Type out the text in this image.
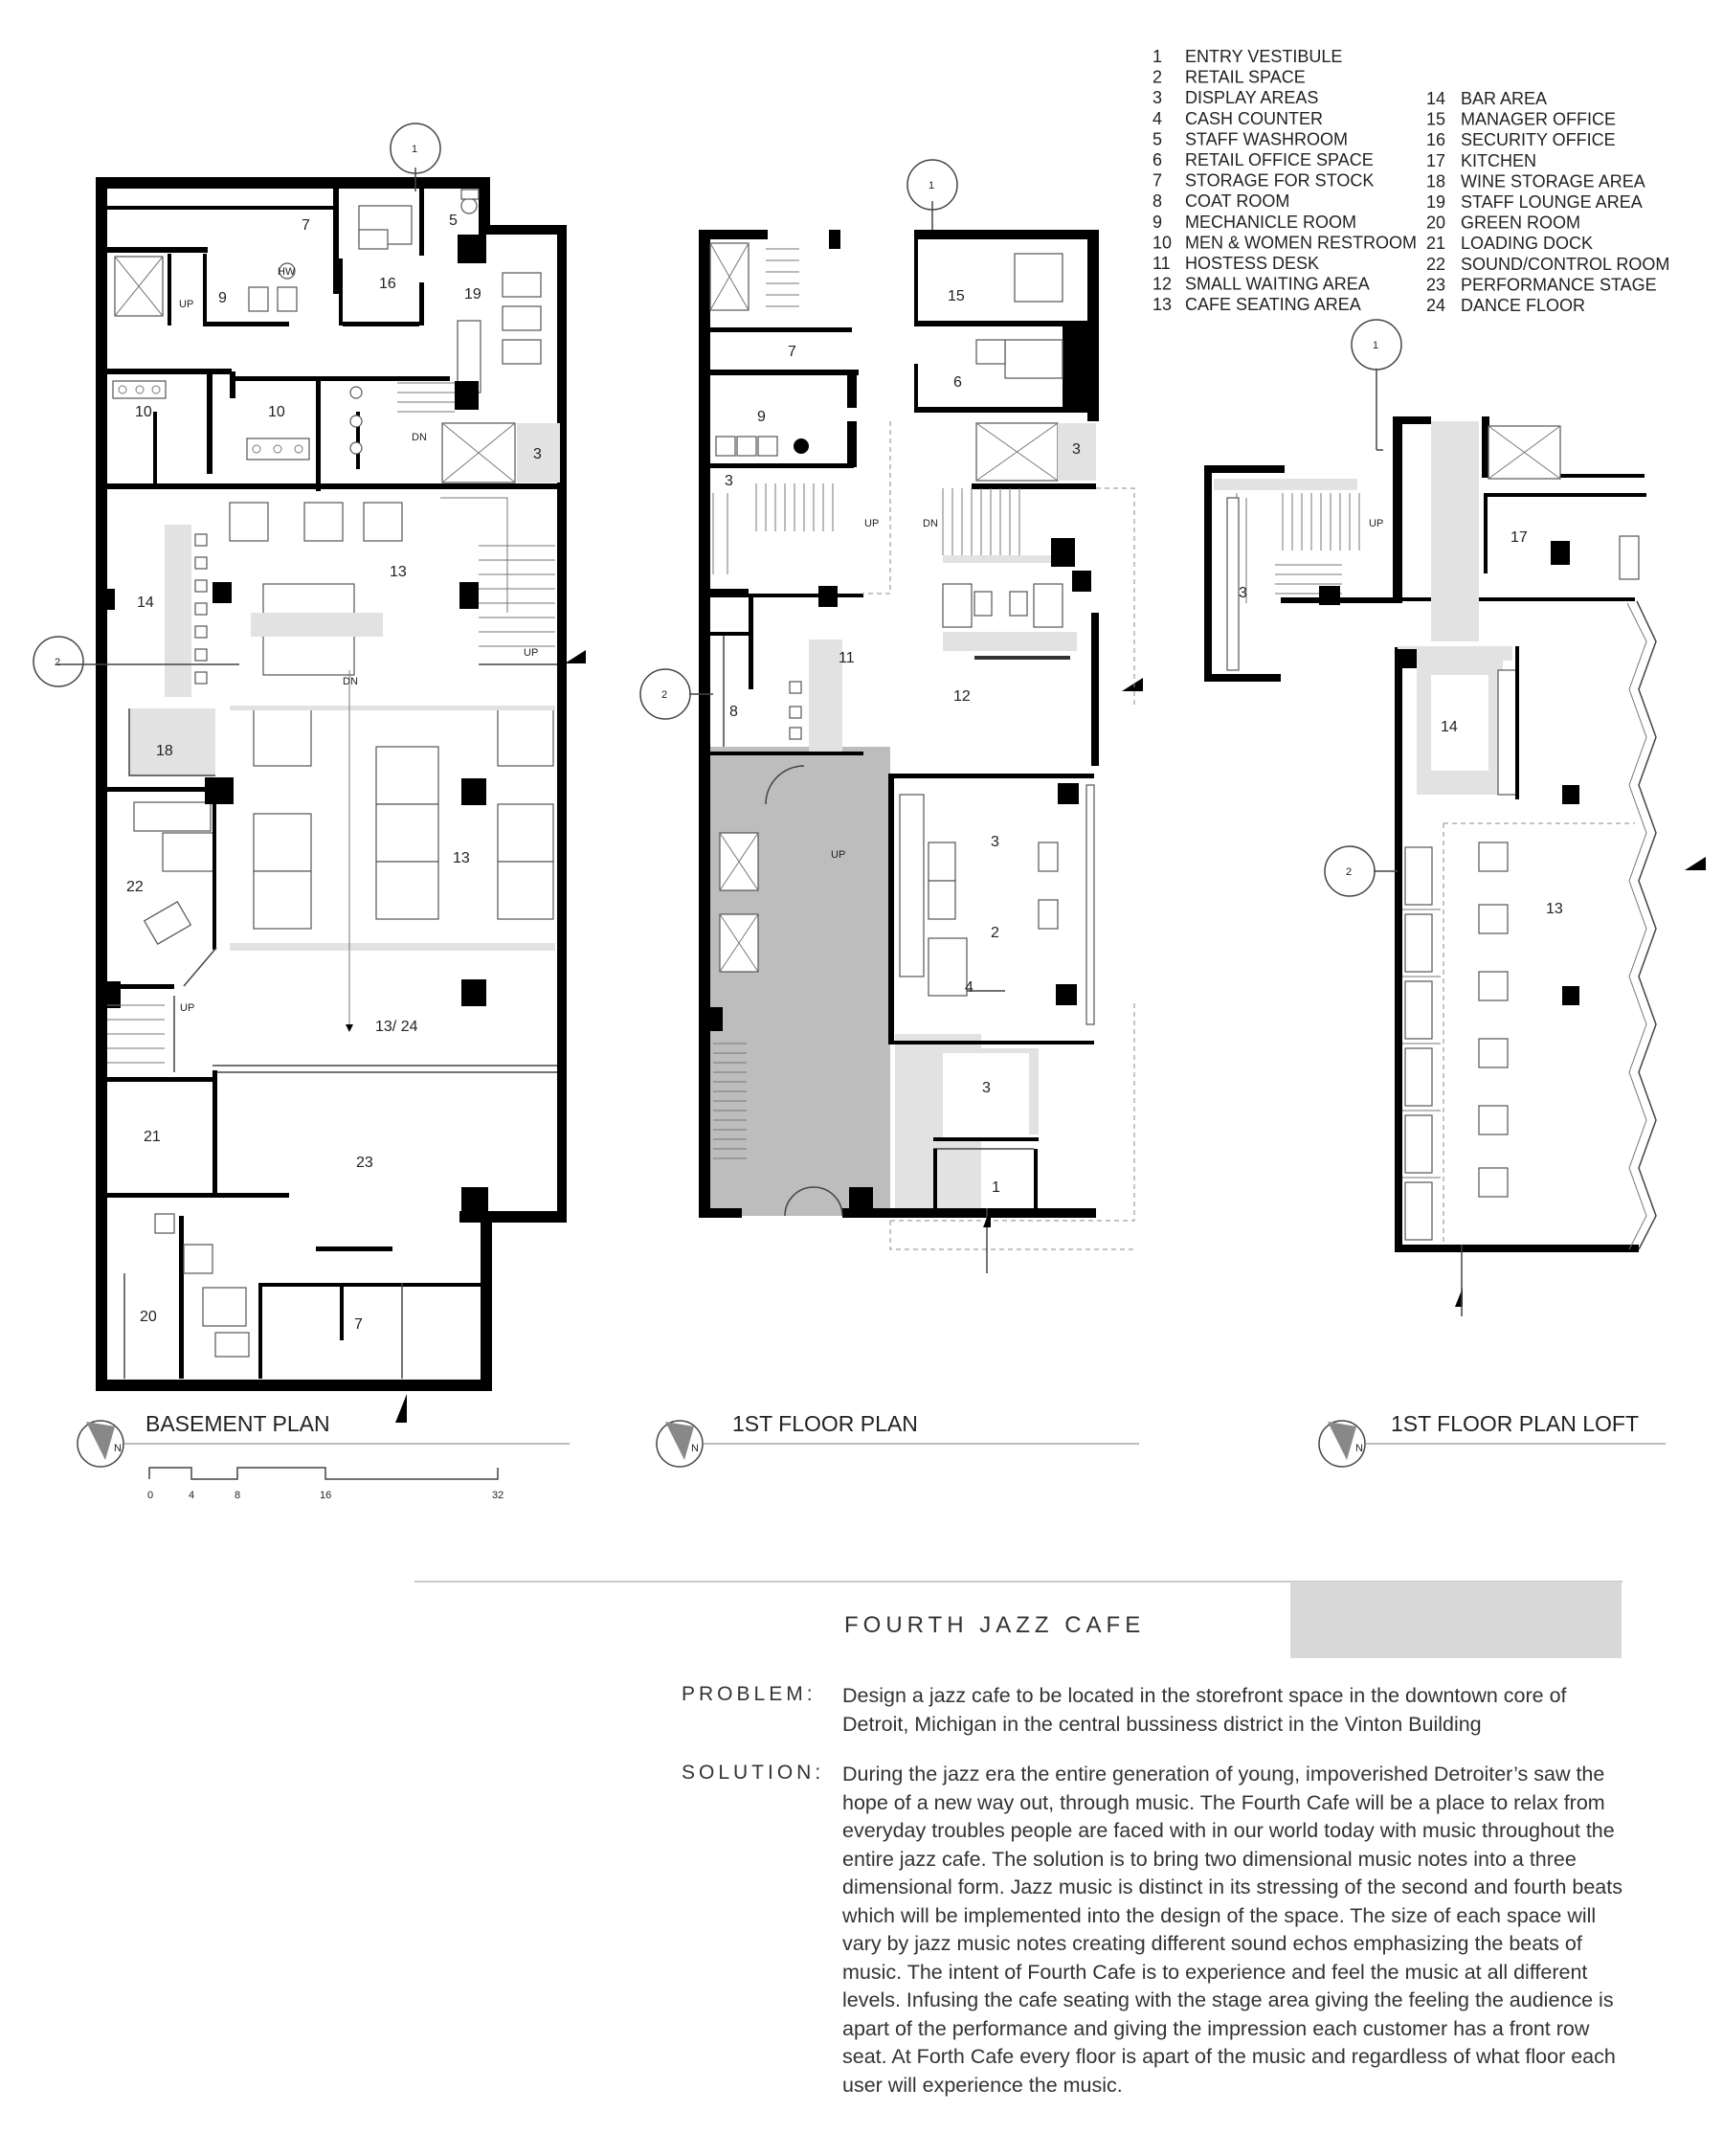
1 ENTRY VESTIBULE
2 RETAIL SPACE
3 DISPLAY AREAS
4 CASH COUNTER
5 STAFF WASHROOM
6 RETAIL OFFICE SPACE
7 STORAGE FOR STOCK
8 COAT ROOM
9 MECHANICLE ROOM
10 MEN & WOMEN RESTROOM
11 HOSTESS DESK
12 SMALL WAITING AREA
13 CAFE SEATING AREA
14 BAR AREA
15 MANAGER OFFICE
16 SECURITY OFFICE
17 KITCHEN
18 WINE STORAGE AREA
19 STAFF LOUNGE AREA
20 GREEN ROOM
21 LOADING DOCK
22 SOUND/CONTROL ROOM
23 PERFORMANCE STAGE
24 DANCE FLOOR
HW
7	5
16
9	19
10	10
3
14
13
18
22
13
13/ 24
21
23
20	7
UP
DN
UP
DN
UP
1
2
N
BASEMENT PLAN
0	4	8	16	32
1
2
7
15
6
9
3
3
11
12
8
3
2
4
3
1
UP	DN
UP
N
1ST FLOOR PLAN
1
2
17
3
14
13
UP
N
1ST FLOOR PLAN LOFT
FOURTH JAZZ CAFE
PROBLEM: Design a jazz cafe to be located in the storefront space in the downtown core of Detroit, Michigan in the central bussiness district in the Vinton Building

SOLUTION: During the jazz era the entire generation of young, impoverished Detroiter’s saw the hope of a new way out, through music. The Fourth Cafe will be a place to relax from everyday troubles people are faced with in our world today with music throughout the entire jazz cafe. The solution is to bring two dimensional music notes into a three dimensional form. Jazz music is distinct in its stressing of the second and fourth beats which will be implemented into the design of the space. The size of each space will vary by jazz music notes creating different sound echos emphasizing the beats of music. The intent of Fourth Cafe is to experience and feel the music at all different levels. Infusing the cafe seating with the stage area giving the feeling the audience is apart of the performance and giving the impression each customer has a front row seat. At Forth Cafe every floor is apart of the music and regardless of what floor each user will experience the music.
